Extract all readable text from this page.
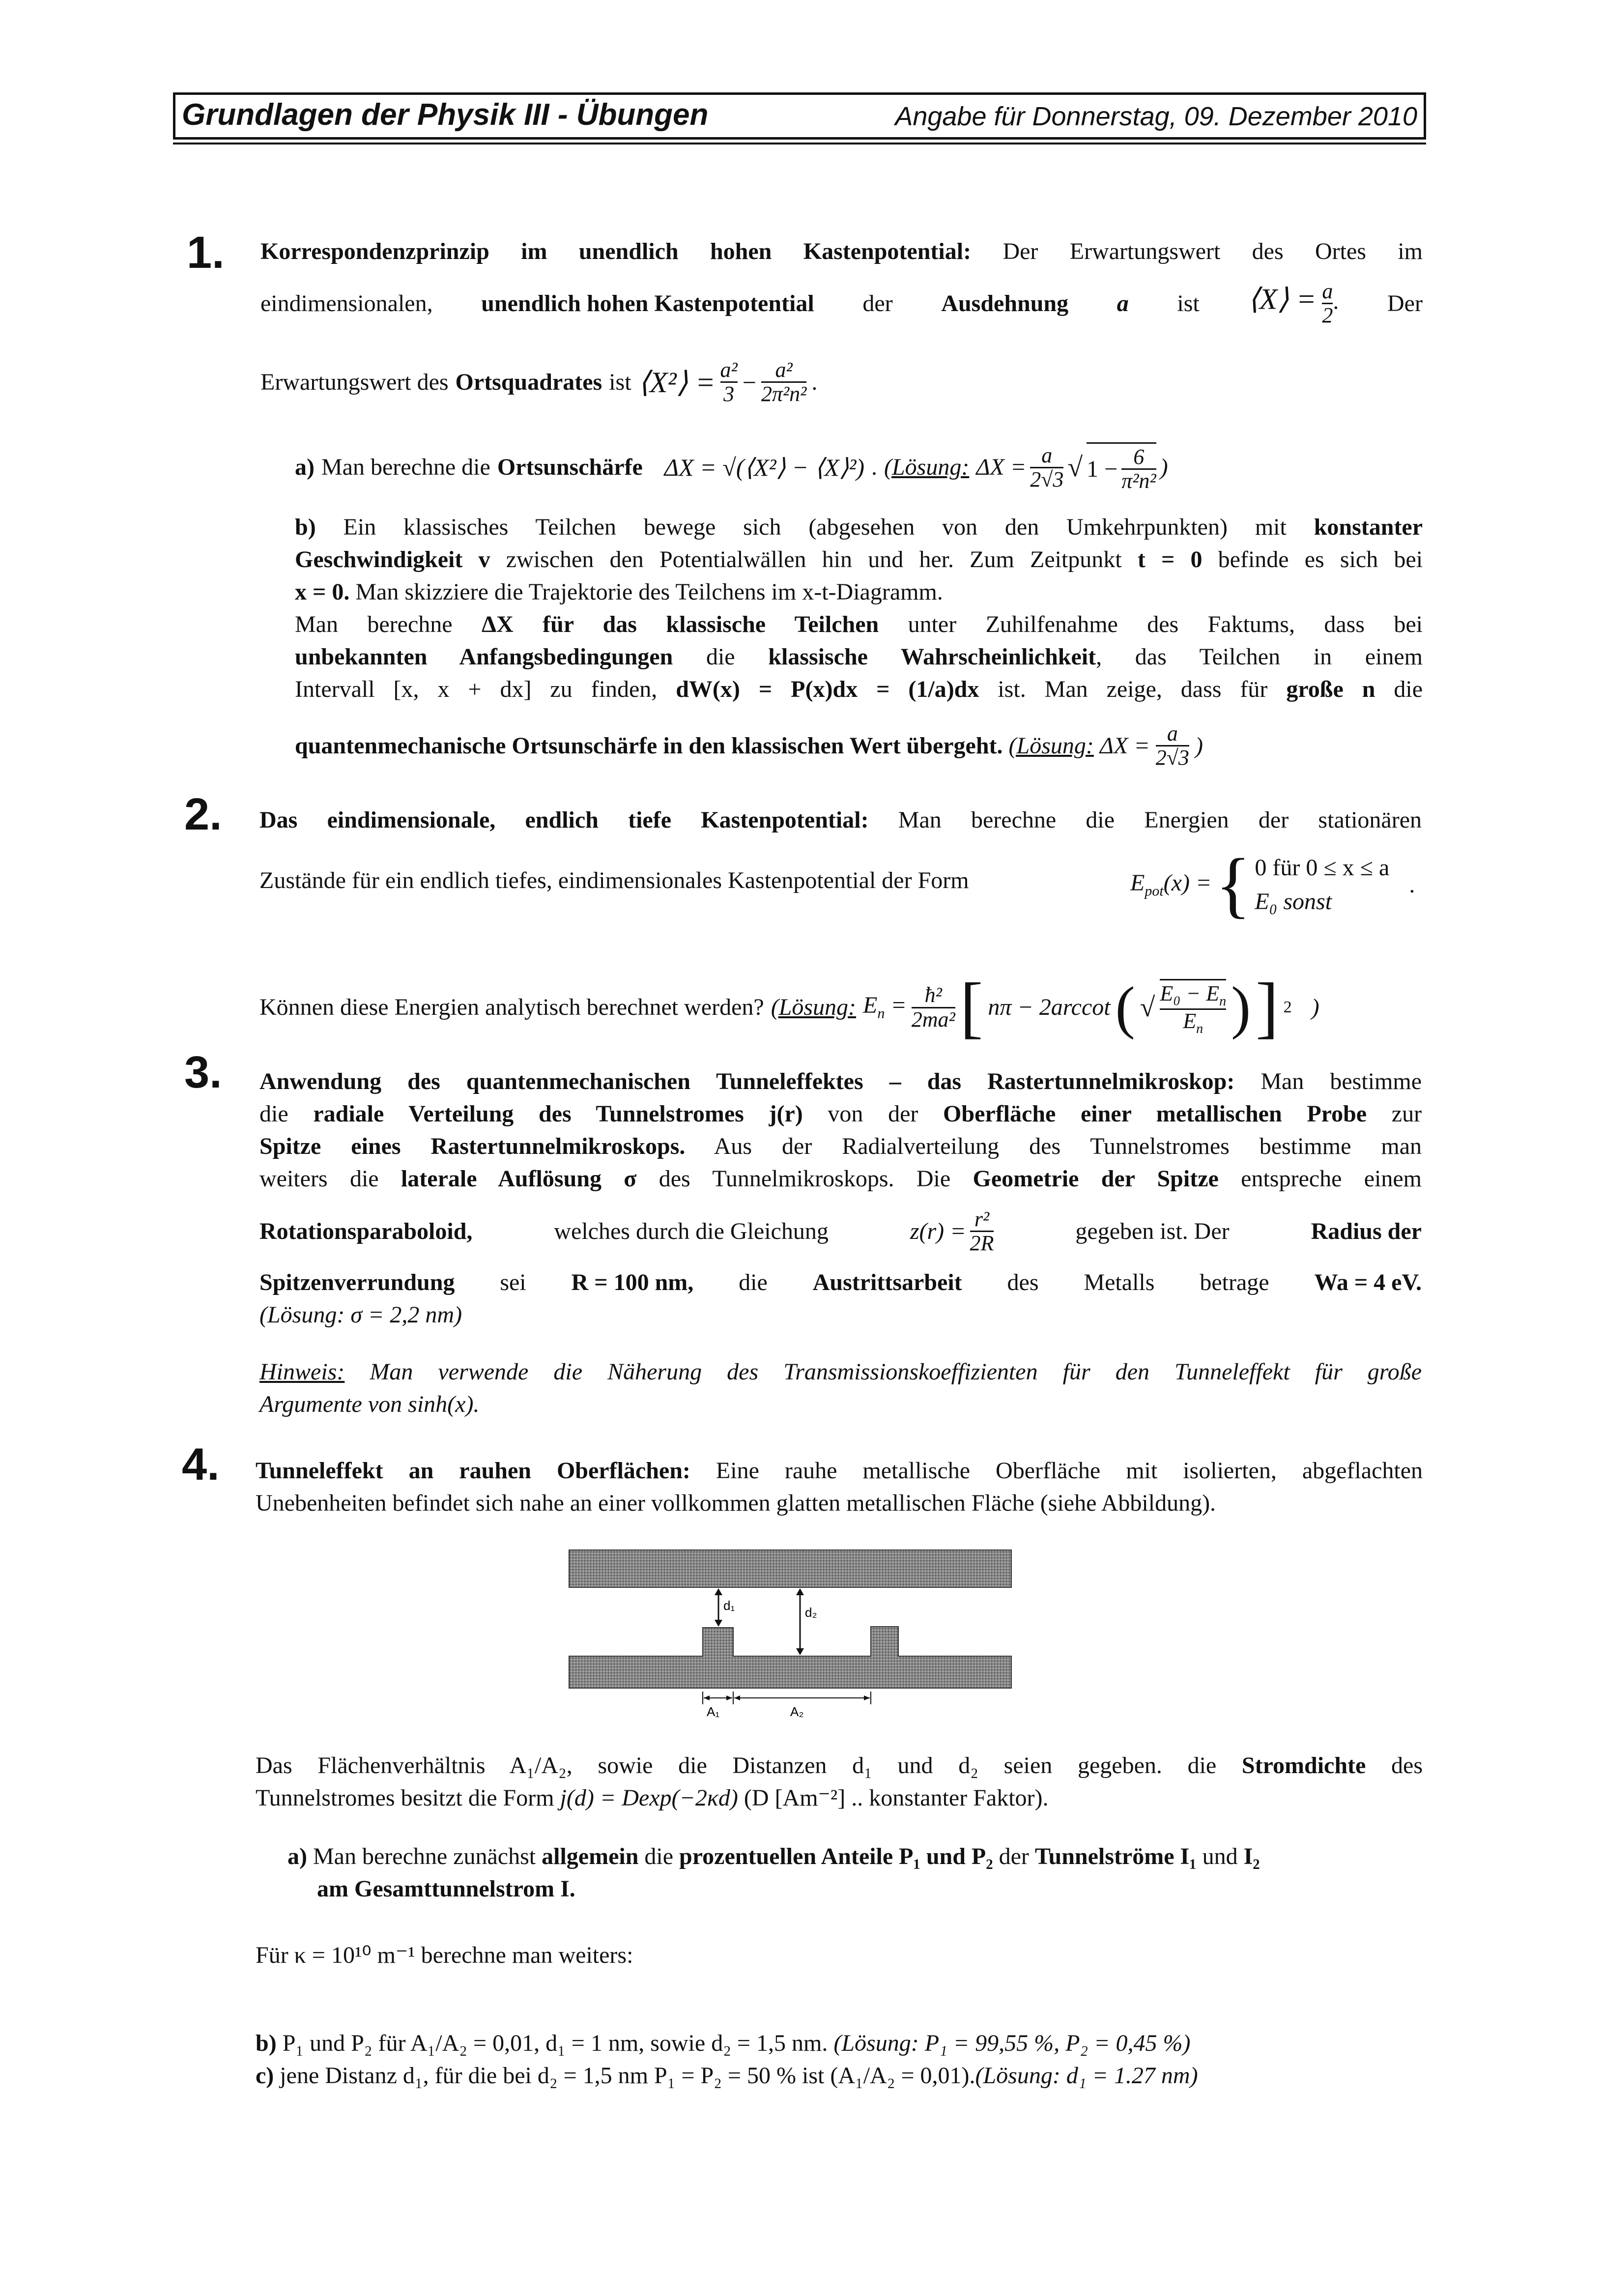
Grundlagen der Physik III - Übungen	Angabe für Donnerstag, 09. Dezember 2010
1. Korrespondenzprinzip im unendlich hohen Kastenpotential: Der Erwartungswert des Ortes im
eindimensionalen, unendlich hohen Kastenpotential der Ausdehnung a ist ⟨X⟩ = $\frac{a}{2}$ . Der
Erwartungswert des Ortsquadrates ist ⟨X²⟩ = $\frac{\text{a²}}{3} - \frac{\text{a²}}{\text{2π²n²}}$ .
a) Man berechne die Ortsunschärfe ΔX = √(⟨X²⟩ − ⟨X⟩²) . (Lösung: $\Delta X = \frac{a}{2√3}$ √ $1 - \frac{6}{\text{π²n²}}$ )
b) Ein klassisches Teilchen bewege sich (abgesehen von den Umkehrpunkten) mit konstanter
Geschwindigkeit v zwischen den Potentialwällen hin und her. Zum Zeitpunkt t = 0 befinde es sich bei
x = 0. Man skizziere die Trajektorie des Teilchens im x-t-Diagramm.
Man berechne ΔX für das klassische Teilchen unter Zuhilfenahme des Faktums, dass bei
unbekannten Anfangsbedingungen die klassische Wahrscheinlichkeit, das Teilchen in einem
Intervall [x, x + dx] zu finden, dW(x) = P(x)dx = (1/a)dx ist. Man zeige, dass für große n die
quantenmechanische Ortsunschärfe in den klassischen Wert übergeht. (Lösung: $\Delta X = \frac{a}{2√3}$ )
2. Das eindimensionale, endlich tiefe Kastenpotential: Man berechne die Energien der stationären
Zustände für ein endlich tiefes, eindimensionales Kastenpotential der Form	$E_{pot}(x)$ = { 0 für 0 ≤ x ≤ a
E₀ sonst
.
Können diese Energien analytisch berechnet werden? (Lösung: $E_n = \frac{\text{ħ²}}{\text{2ma²}}$ [ nπ − 2arccot ( √ $\frac{E_0 - E_n}{E_n}$ ) ] 2 )
3. Anwendung des quantenmechanischen Tunneleffektes – das Rastertunnelmikroskop: Man bestimme
die radiale Verteilung des Tunnelstromes j(r) von der Oberfläche einer metallischen Probe zur
Spitze eines Rastertunnelmikroskops. Aus der Radialverteilung des Tunnelstromes bestimme man
weiters die laterale Auflösung σ des Tunnelmikroskops. Die Geometrie der Spitze entspreche einem
Rotationsparaboloid,	welches durch die Gleichung	$z(r) = \frac{\text{r²}}{2R}$	gegeben ist. Der	Radius der
Spitzenverrundung sei R = 100 nm, die Austrittsarbeit des Metalls betrage Wa = 4 eV.
(Lösung: σ = 2,2 nm)
Hinweis: Man verwende die Näherung des Transmissionskoeffizienten für den Tunneleffekt für große
Argumente von sinh(x).
4. Tunneleffekt an rauhen Oberflächen: Eine rauhe metallische Oberfläche mit isolierten, abgeflachten
Unebenheiten befindet sich nahe an einer vollkommen glatten metallischen Fläche (siehe Abbildung).
d₁	d₂
A₁	A₂
Das Flächenverhältnis A₁/A₂, sowie die Distanzen d₁ und d₂ seien gegeben. die Stromdichte des
Tunnelstromes besitzt die Form j(d) = Dexp(−2κd) (D [Am⁻²] .. konstanter Faktor).
a) Man berechne zunächst allgemein die prozentuellen Anteile P₁ und P₂ der Tunnelströme I₁ und I₂
am Gesamttunnelstrom I.
Für κ = 10¹⁰ m⁻¹ berechne man weiters:
b) P₁ und P₂ für A₁/A₂ = 0,01, d₁ = 1 nm, sowie d₂ = 1,5 nm. (Lösung: P₁ = 99,55 %, P₂ = 0,45 %)
c) jene Distanz d₁, für die bei d₂ = 1,5 nm P₁ = P₂ = 50 % ist (A₁/A₂ = 0,01).(Lösung: d₁ = 1.27 nm)
